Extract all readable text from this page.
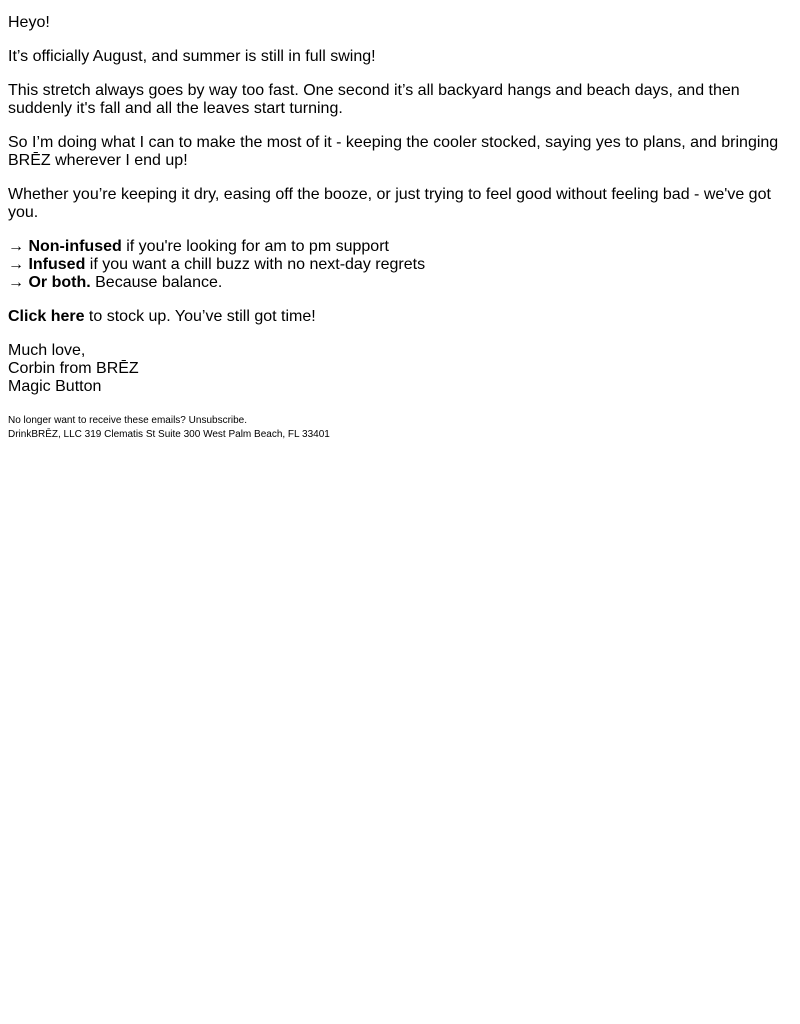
Heyo!

It’s officially August, and summer is still in full swing!

This stretch always goes by way too fast. One second it’s all backyard hangs and beach days, and then suddenly it's fall and all the leaves start turning.

So I’m doing what I can to make the most of it - keeping the cooler stocked, saying yes to plans, and bringing BRĒZ wherever I end up!

Whether you’re keeping it dry, easing off the booze, or just trying to feel good without feeling bad - we've got you.

→ Non-infused if you're looking for am to pm support
→ Infused if you want a chill buzz with no next-day regrets
→ Or both. Because balance.

Click here to stock up. You’ve still got time!

Much love,
Corbin from BRĒZ
Magic Button

No longer want to receive these emails? Unsubscribe.

DrinkBRĒZ, LLC 319 Clematis St Suite 300 West Palm Beach, FL 33401
